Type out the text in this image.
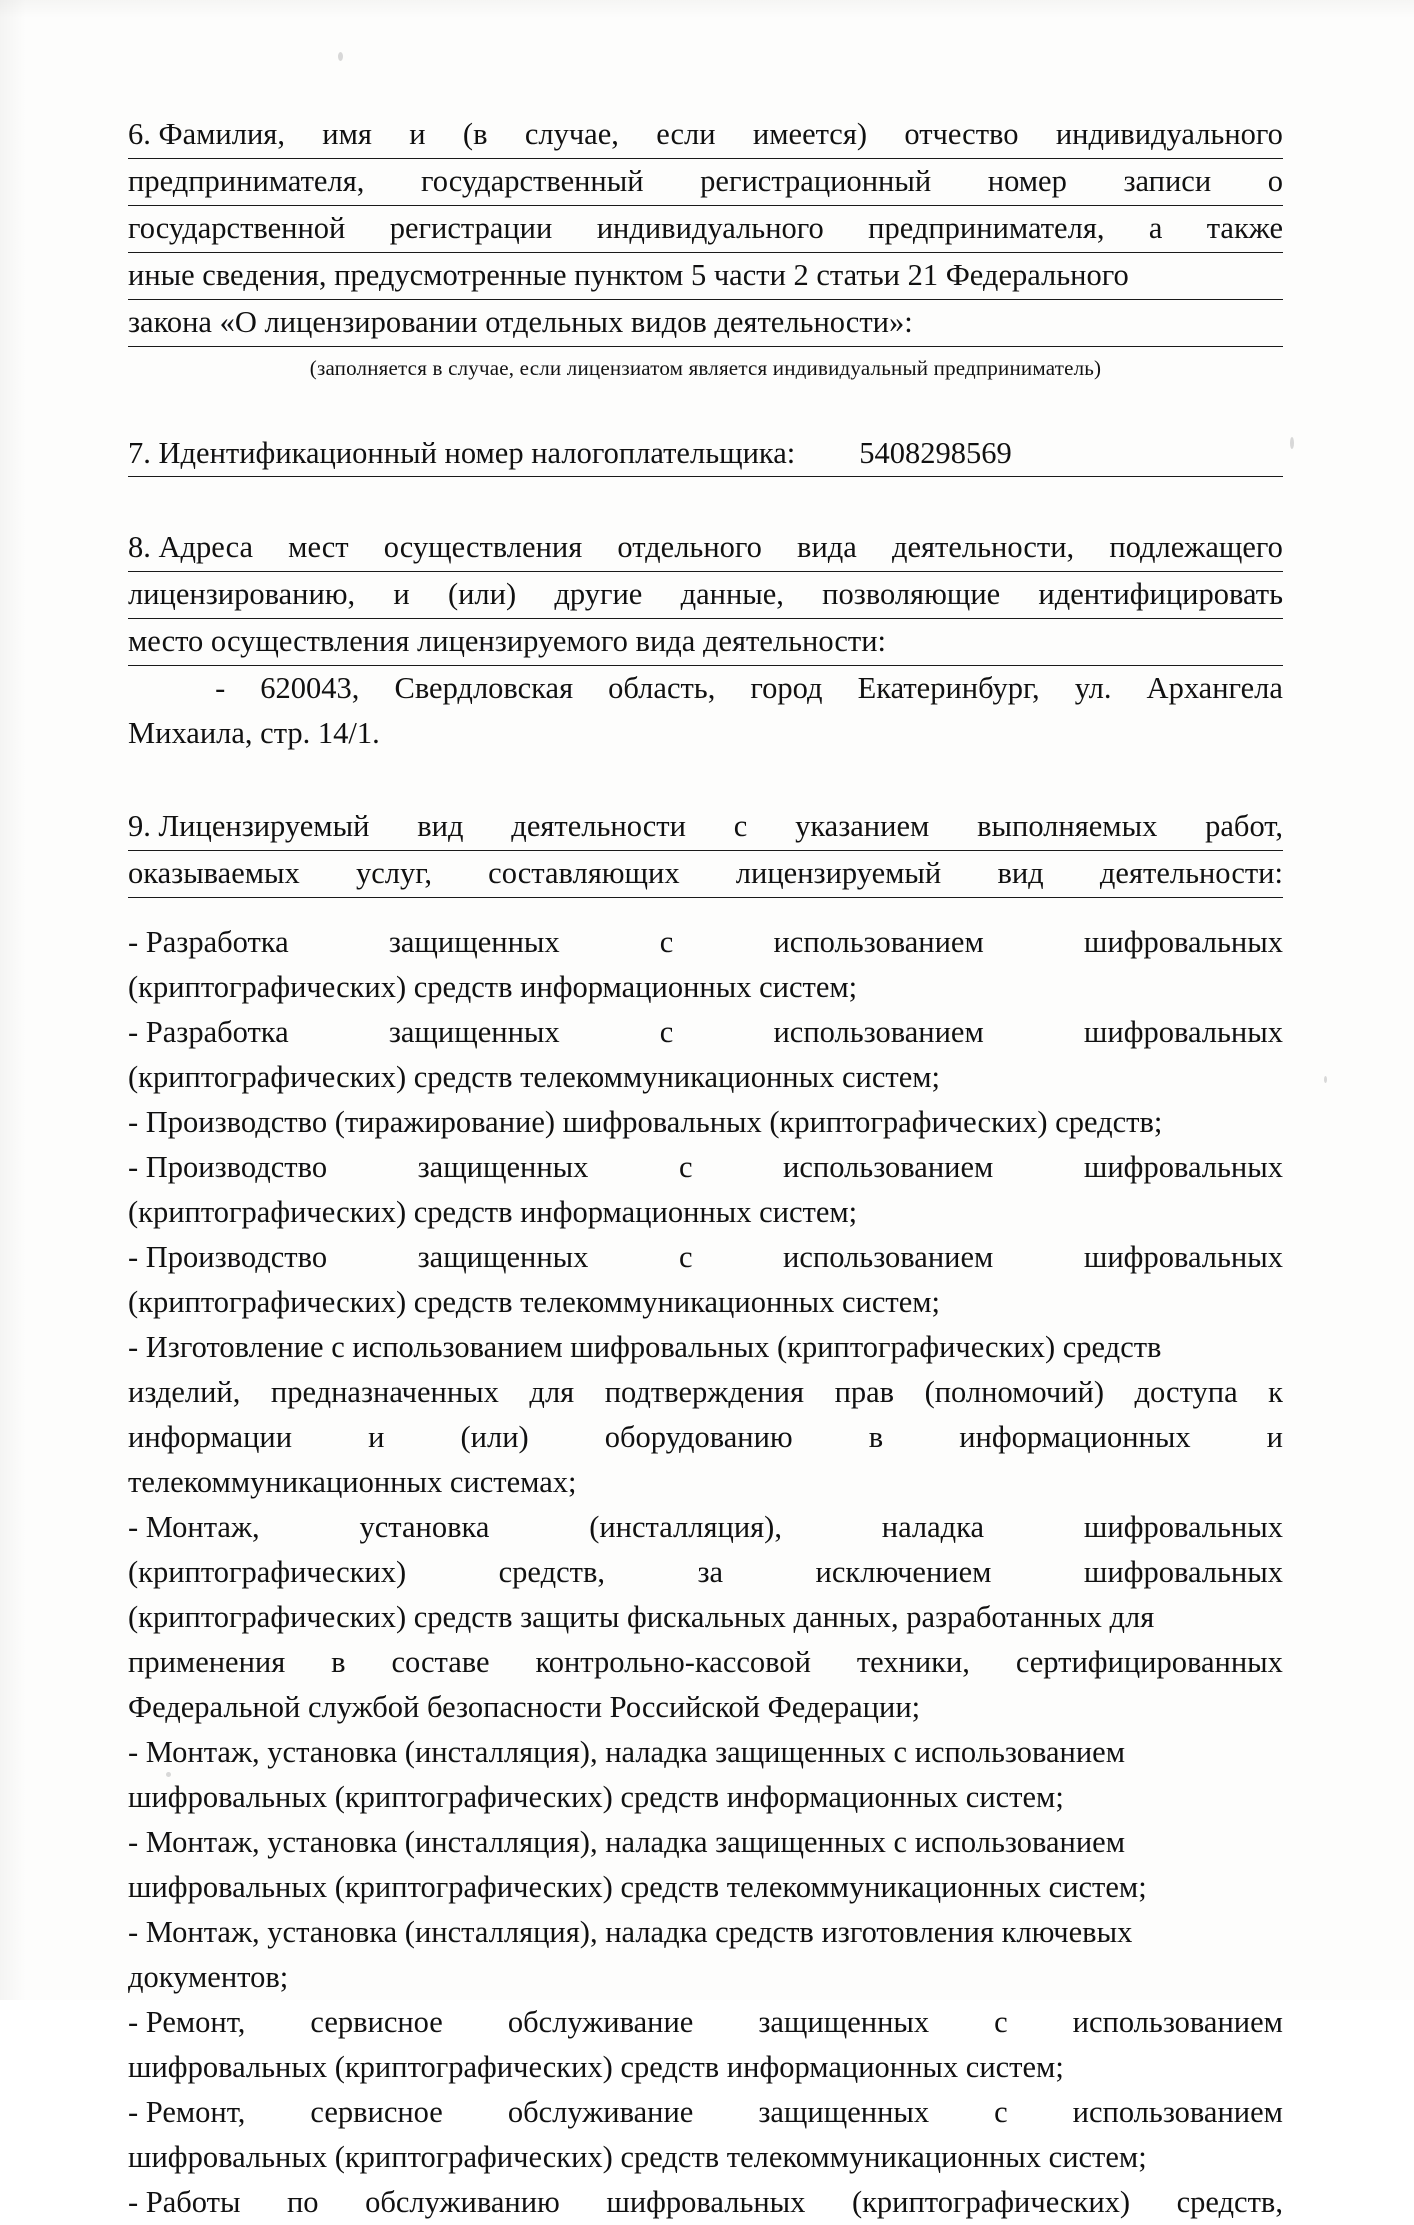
6. Фамилия, имя и (в случае, если имеется) отчество индивидуального
предпринимателя, государственный регистрационный номер записи о
государственной регистрации индивидуального предпринимателя, а также
иные сведения, предусмотренные пунктом 5 части 2 статьи 21 Федерального
закона «О лицензировании отдельных видов деятельности»:
(заполняется в случае, если лицензиатом является индивидуальный предприниматель)
7. Идентификационный номер налогоплательщика:	5408298569
8. Адреса мест осуществления отдельного вида деятельности, подлежащего
лицензированию, и (или) другие данные, позволяющие идентифицировать
место осуществления лицензируемого вида деятельности:
- 620043, Свердловская область, город Екатеринбург, ул. Архангела
Михаила, стр. 14/1.
9. Лицензируемый вид деятельности с указанием выполняемых работ,
оказываемых услуг, составляющих лицензируемый вид деятельности:
- Разработка	защищенных	с	использованием	шифровальных
(криптографических) средств информационных систем;
- Разработка	защищенных	с	использованием	шифровальных
(криптографических) средств телекоммуникационных систем;
- Производство (тиражирование) шифровальных (криптографических) средств;
- Производство	защищенных	с	использованием	шифровальных
(криптографических) средств информационных систем;
- Производство	защищенных	с	использованием	шифровальных
(криптографических) средств телекоммуникационных систем;
- Изготовление с использованием шифровальных (криптографических) средств
изделий, предназначенных для подтверждения прав (полномочий) доступа к
информации и (или) оборудованию в информационных и
телекоммуникационных системах;
- Монтаж,	установка	(инсталляция),	наладка	шифровальных
(криптографических)	средств,	за	исключением	шифровальных
(криптографических) средств защиты фискальных данных, разработанных для
применения в составе контрольно-кассовой техники, сертифицированных
Федеральной службой безопасности Российской Федерации;
- Монтаж, установка (инсталляция), наладка защищенных с использованием
шифровальных (криптографических) средств информационных систем;
- Монтаж, установка (инсталляция), наладка защищенных с использованием
шифровальных (криптографических) средств телекоммуникационных систем;
- Монтаж, установка (инсталляция), наладка средств изготовления ключевых
документов;
- Ремонт, сервисное обслуживание защищенных с использованием
шифровальных (криптографических) средств информационных систем;
- Ремонт, сервисное обслуживание защищенных с использованием
шифровальных (криптографических) средств телекоммуникационных систем;
- Работы по обслуживанию шифровальных (криптографических) средств,
